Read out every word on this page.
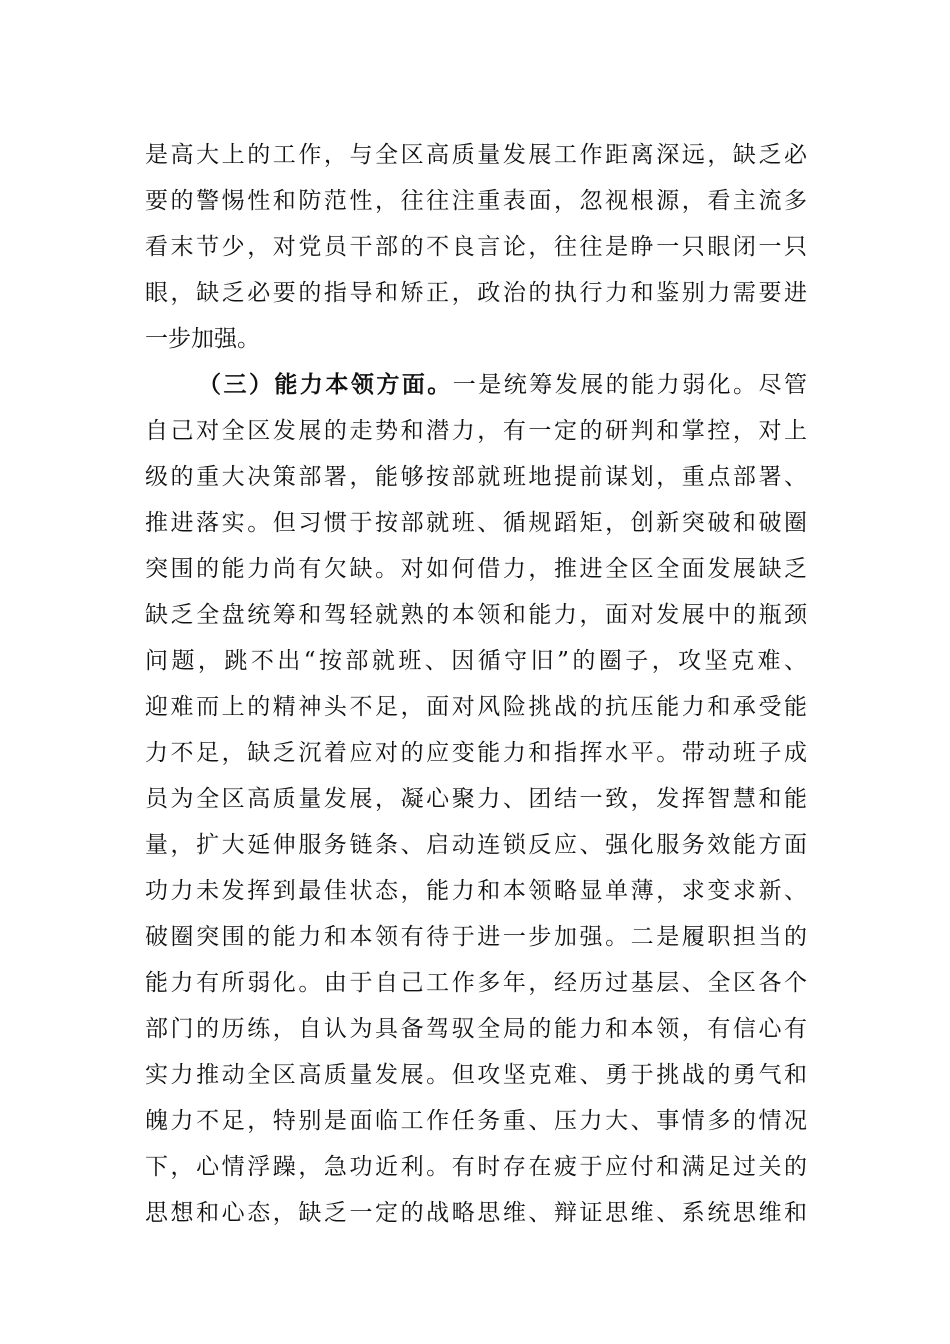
是高大上的工作，与全区高质量发展工作距离深远，缺乏必
要的警惕性和防范性，往往注重表面，忽视根源，看主流多
看末节少，对党员干部的不良言论，往往是睁一只眼闭一只
眼，缺乏必要的指导和矫正，政治的执行力和鉴别力需要进
一步加强。
（三）能力本领方面。一是统筹发展的能力弱化。尽管
自己对全区发展的走势和潜力，有一定的研判和掌控，对上
级的重大决策部署，能够按部就班地提前谋划，重点部署、
推进落实。但习惯于按部就班、循规蹈矩，创新突破和破圈
突围的能力尚有欠缺。对如何借力，推进全区全面发展缺乏
缺乏全盘统筹和驾轻就熟的本领和能力，面对发展中的瓶颈
问题，跳不出“按部就班、因循守旧”的圈子，攻坚克难、
迎难而上的精神头不足，面对风险挑战的抗压能力和承受能
力不足，缺乏沉着应对的应变能力和指挥水平。带动班子成
员为全区高质量发展，凝心聚力、团结一致，发挥智慧和能
量，扩大延伸服务链条、启动连锁反应、强化服务效能方面
功力未发挥到最佳状态，能力和本领略显单薄，求变求新、
破圈突围的能力和本领有待于进一步加强。二是履职担当的
能力有所弱化。由于自己工作多年，经历过基层、全区各个
部门的历练，自认为具备驾驭全局的能力和本领，有信心有
实力推动全区高质量发展。但攻坚克难、勇于挑战的勇气和
魄力不足，特别是面临工作任务重、压力大、事情多的情况
下，心情浮躁，急功近利。有时存在疲于应付和满足过关的
思想和心态，缺乏一定的战略思维、辩证思维、系统思维和
